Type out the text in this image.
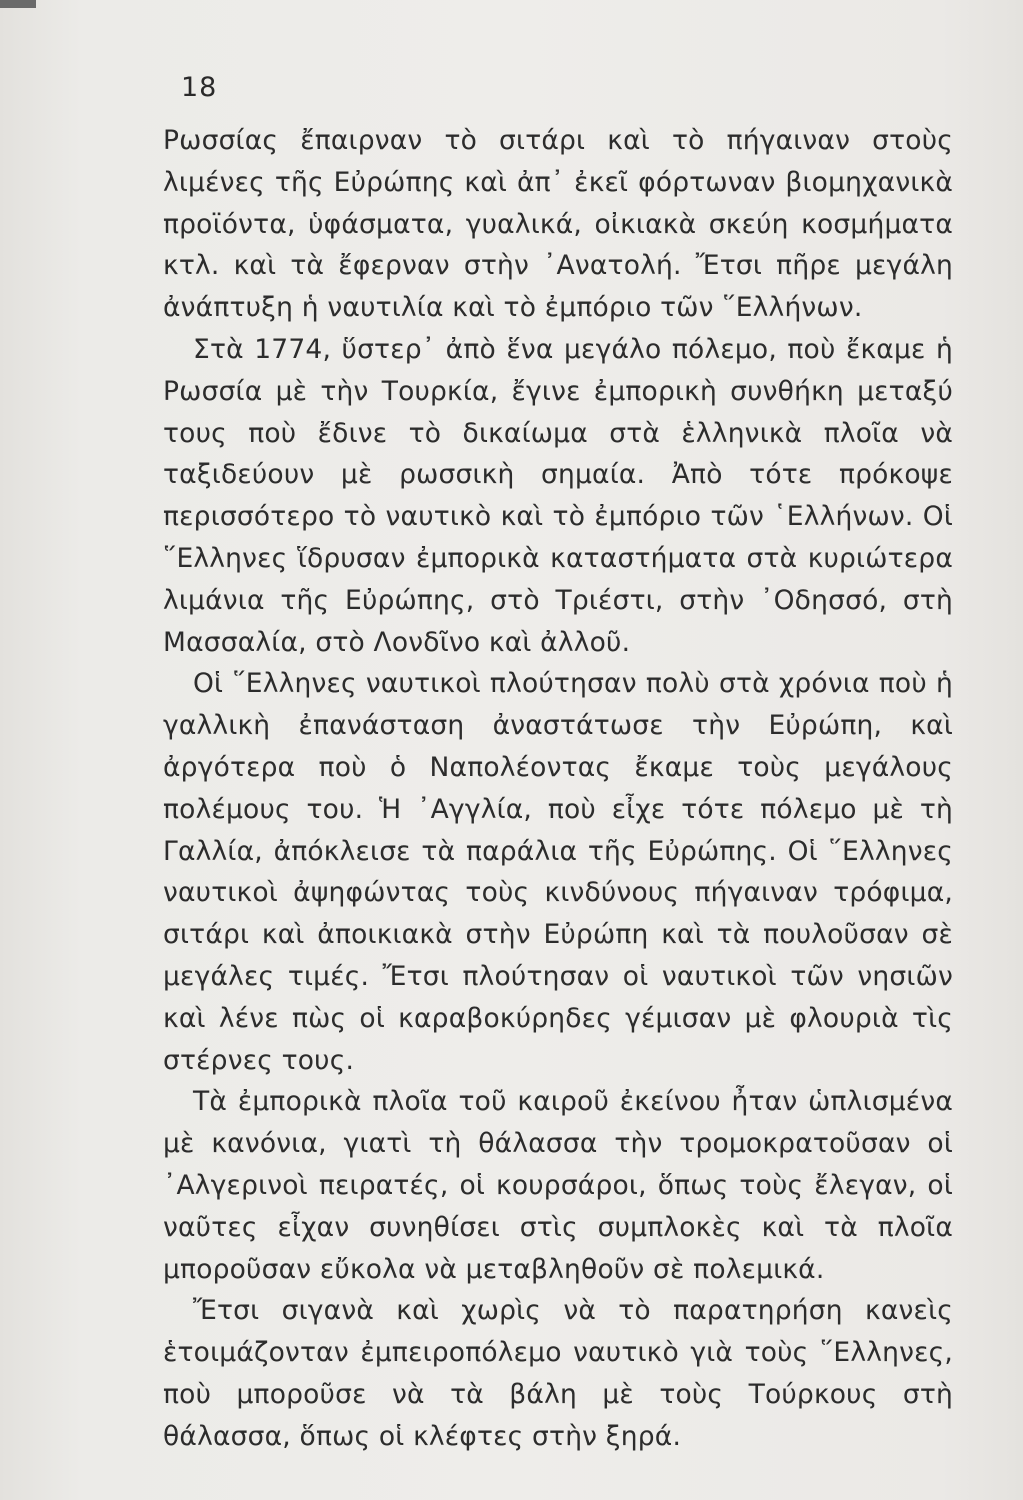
18

Ρωσσίας ἔπαιρναν τὸ σιτάρι καὶ τὸ πήγαιναν στοὺς λιμένες τῆς Εὐρώπης καὶ ἀπ᾽ ἐκεῖ φόρτωναν βιομηχανικὰ προϊόντα, ὑφάσματα, γυαλικά, οἰκιακὰ σκεύη κοσμήματα κτλ. καὶ τὰ ἔφερναν στὴν ᾿Ανατολή. Ἔτσι πῆρε μεγάλη ἀνάπτυξη ἡ ναυτιλία καὶ τὸ ἐμπόριο τῶν ῞Ελλήνων.

Στὰ 1774, ὕστερ᾽ ἀπὸ ἕνα μεγάλο πόλεμο, ποὺ ἔκαμε ἡ Ρωσσία μὲ τὴν Τουρκία, ἔγινε ἐμπορικὴ συνθήκη μεταξύ τους ποὺ ἔδινε τὸ δικαίωμα στὰ ἑλληνικὰ πλοῖα νὰ ταξιδεύουν μὲ ρωσσικὴ σημαία. Ἀπὸ τότε πρόκοψε περισσότερο τὸ ναυτικὸ καὶ τὸ ἐμπόριο τῶν ῾Ελλήνων. Οἱ ῞Ελληνες ἵδρυσαν ἐμπορικὰ καταστήματα στὰ κυριώτερα λιμάνια τῆς Εὐρώπης, στὸ Τριέστι, στὴν ᾿Οδησσό, στὴ Μασσαλία, στὸ Λονδῖνο καὶ ἀλλοῦ.

Οἱ ῞Ελληνες ναυτικοὶ πλούτησαν πολὺ στὰ χρόνια ποὺ ἡ γαλλικὴ ἐπανάσταση ἀναστάτωσε τὴν Εὐρώπη, καὶ ἀργότερα ποὺ ὁ Ναπολέοντας ἔκαμε τοὺς μεγάλους πολέμους του. Ἡ ᾿Αγγλία, ποὺ εἶχε τότε πόλεμο μὲ τὴ Γαλλία, ἀπόκλεισε τὰ παράλια τῆς Εὐρώπης. Οἱ ῞Ελληνες ναυτικοὶ ἀψηφώντας τοὺς κινδύνους πήγαιναν τρόφιμα, σιτάρι καὶ ἀποικιακὰ στὴν Εὐρώπη καὶ τὰ πουλοῦσαν σὲ μεγάλες τιμές. Ἔτσι πλούτησαν οἱ ναυτικοὶ τῶν νησιῶν καὶ λένε πὼς οἱ καραβοκύρηδες γέμισαν μὲ φλουριὰ τὶς στέρνες τους.

Τὰ ἐμπορικὰ πλοῖα τοῦ καιροῦ ἐκείνου ἦταν ὡπλισμένα μὲ κανόνια, γιατὶ τὴ θάλασσα τὴν τρομοκρατοῦσαν οἱ ᾿Αλγερινοὶ πειρατές, οἱ κουρσάροι, ὅπως τοὺς ἔλεγαν, οἱ ναῦτες εἶχαν συνηθίσει στὶς συμπλοκὲς καὶ τὰ πλοῖα μποροῦσαν εὔκολα νὰ μεταβληθοῦν σὲ πολεμικά.

Ἔτσι σιγανὰ καὶ χωρὶς νὰ τὸ παρατηρήση κανεὶς ἑτοιμάζονταν ἐμπειροπόλεμο ναυτικὸ γιὰ τοὺς ῞Ελληνες, ποὺ μποροῦσε νὰ τὰ βάλη μὲ τοὺς Τούρκους στὴ θάλασσα, ὅπως οἱ κλέφτες στὴν ξηρά.
